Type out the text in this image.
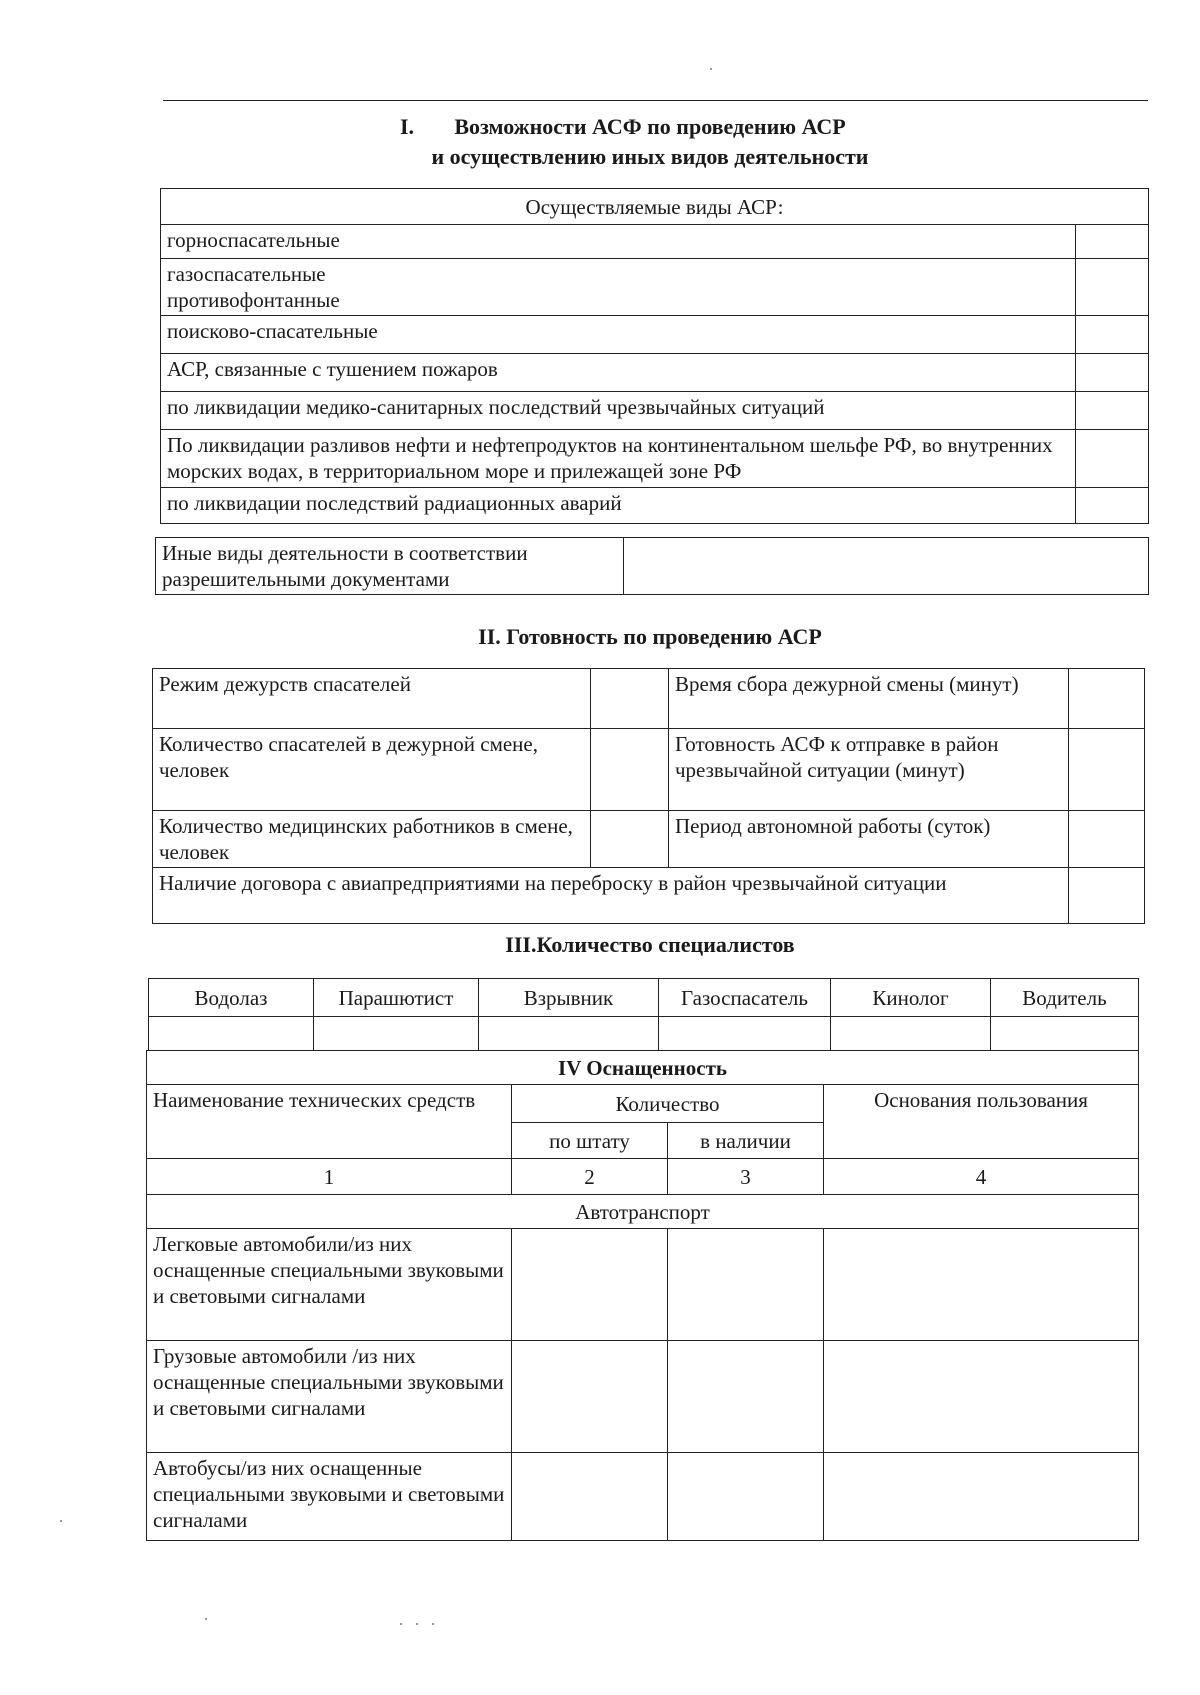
I. Возможности АСФ по проведению АСР
и осуществлению иных видов деятельности
Осуществляемые виды АСР:	
горноспасательные	

газоспасательные
противофонтанные	

поисково-спасательные	
АСР, связанные с тушением пожаров	
по ликвидации медико-санитарных последствий чрезвычайных ситуаций	
По ликвидации разливов нефти и нефтепродуктов на континентальном шельфе РФ, во внутренних морских водах, в территориальном море и прилежащей зоне РФ	
по ликвидации последствий радиационных аварий	
Иные виды деятельности в соответствии разрешительными документами	
II. Готовность по проведению АСР
Режим дежурств спасателей		Время сбора дежурной смены (минут)	
Количество спасателей в дежурной смене, человек		Готовность АСФ к отправке в район чрезвычайной ситуации (минут)	
Количество медицинских работников в смене, человек		Период автономной работы (суток)	
Наличие договора с авиапредприятиями на переброску в район чрезвычайной ситуации			
III.Количество специалистов
Водолаз	Парашютист	Взрывник	Газоспасатель	Кинолог	Водитель

IV Оснащенность			
Наименование технических средств	Количество		Основания пользования
	по штату	в наличии	
1	2	3	4
Автотранспорт			
Легковые автомобили/из них оснащенные специальными звуковыми и световыми сигналами			
Грузовые автомобили /из них оснащенные специальными звуковыми и световыми сигналами			
Автобусы/из них оснащенные специальными звуковыми и световыми сигналами			
